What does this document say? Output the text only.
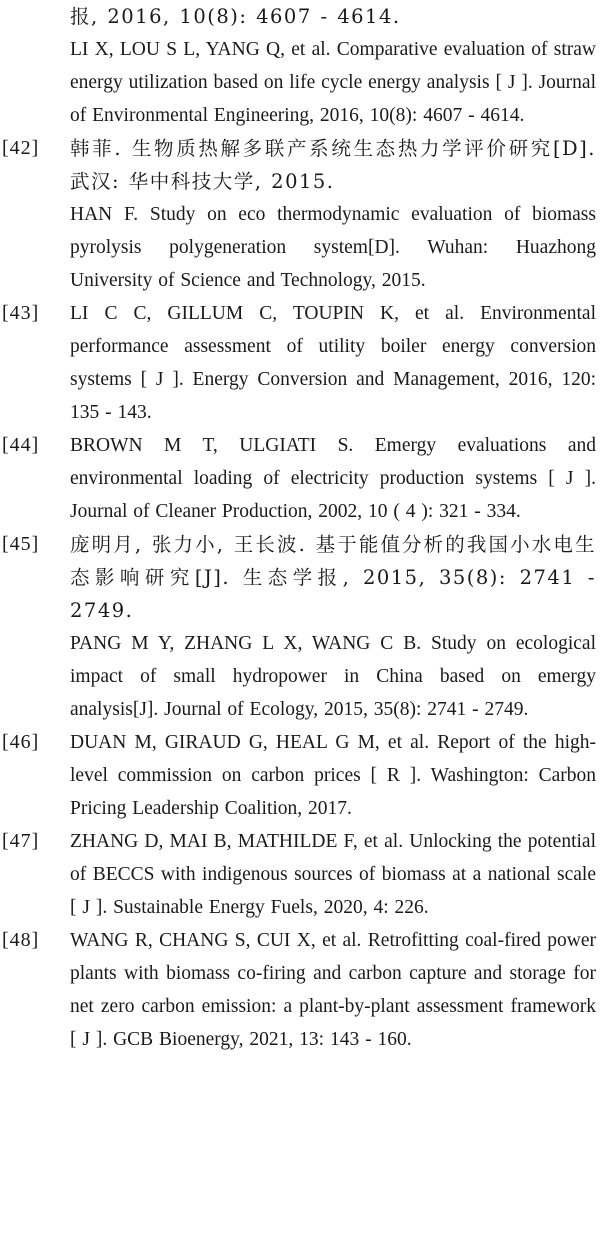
报, 2016, 10(8): 4607 - 4614.

LI X, LOU S L, YANG Q, et al. Comparative evaluation of straw energy utilization based on life cycle energy analysis [ J ]. Journal of Environmental Engineering, 2016, 10(8): 4607 - 4614.

[42]	韩菲. 生物质热解多联产系统生态热力学评价研究[D]. 武汉: 华中科技大学, 2015.

HAN F. Study on eco thermodynamic evaluation of biomass pyrolysis polygeneration system[D]. Wuhan: Huazhong University of Science and Technology, 2015.

[43]	LI C C, GILLUM C, TOUPIN K, et al. Environmental performance assessment of utility boiler energy conversion systems [ J ]. Energy Conversion and Management, 2016, 120: 135 - 143.

[44]	BROWN M T, ULGIATI S. Emergy evaluations and environmental loading of electricity production systems [ J ]. Journal of Cleaner Production, 2002, 10 ( 4 ): 321 - 334.

[45]	庞明月, 张力小, 王长波. 基于能值分析的我国小水电生态影响研究[J]. 生态学报, 2015, 35(8): 2741 - 2749.

PANG M Y, ZHANG L X, WANG C B. Study on ecological impact of small hydropower in China based on emergy analysis[J]. Journal of Ecology, 2015, 35(8): 2741 - 2749.

[46]	DUAN M, GIRAUD G, HEAL G M, et al. Report of the high-level commission on carbon prices [ R ]. Washington: Carbon Pricing Leadership Coalition, 2017.

[47]	ZHANG D, MAI B, MATHILDE F, et al. Unlocking the potential of BECCS with indigenous sources of biomass at a national scale [ J ]. Sustainable Energy Fuels, 2020, 4: 226.

[48]	WANG R, CHANG S, CUI X, et al. Retrofitting coal-fired power plants with biomass co-firing and carbon capture and storage for net zero carbon emission: a plant-by-plant assessment framework [ J ]. GCB Bioenergy, 2021, 13: 143 - 160.
